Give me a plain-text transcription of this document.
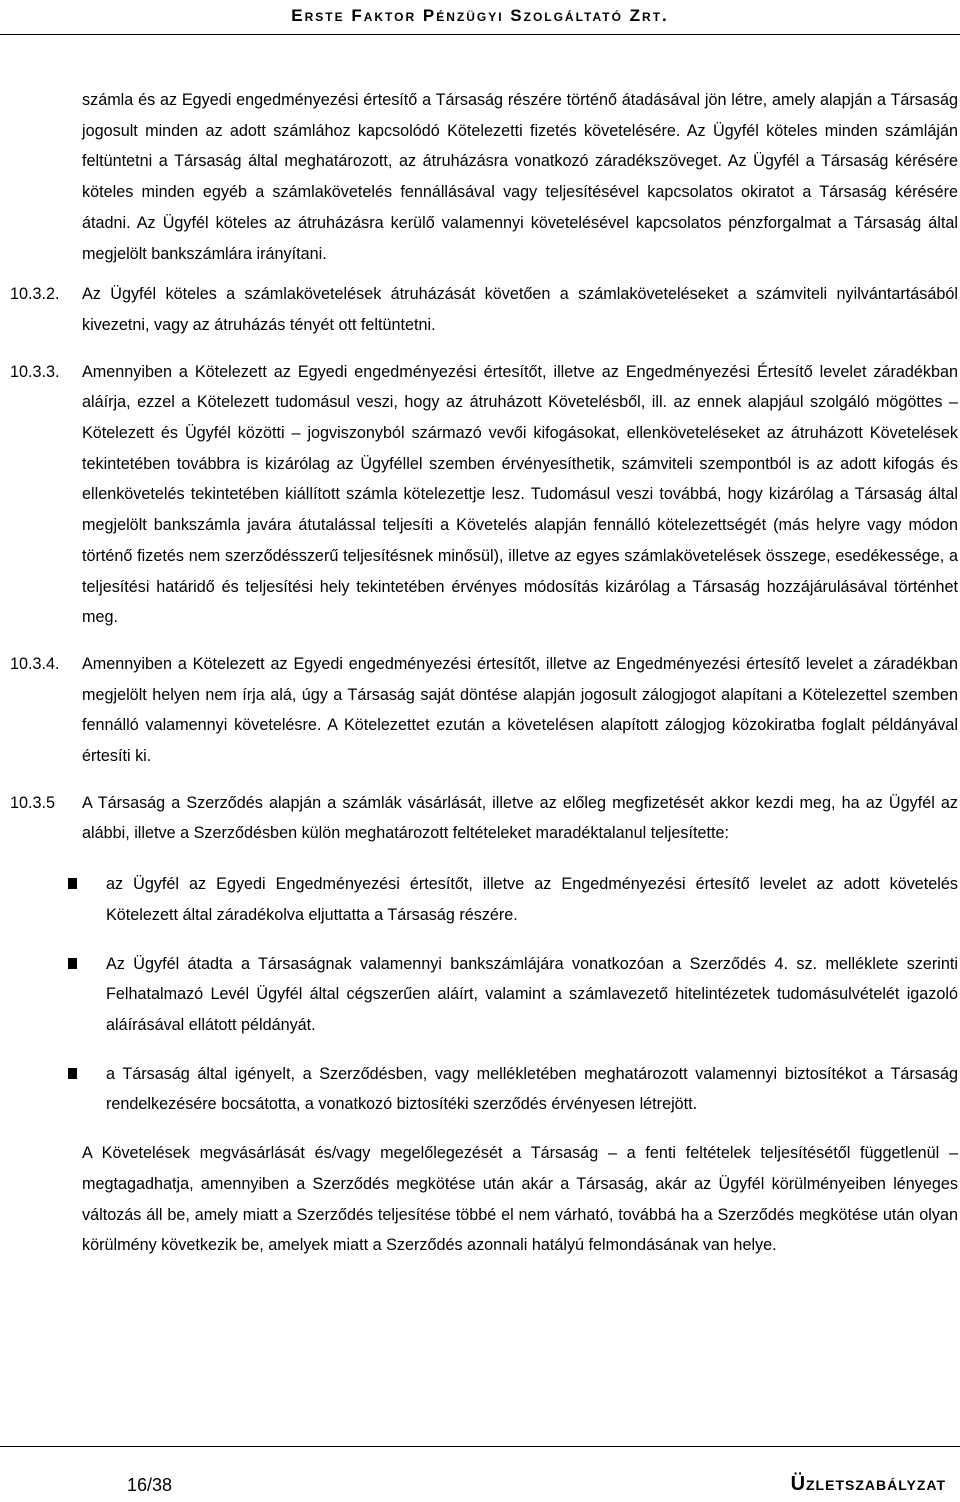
Erste Faktor Pénzügyi Szolgáltató Zrt.

számla és az Egyedi engedményezési értesítő a Társaság részére történő átadásával jön létre, amely alapján a Társaság jogosult minden az adott számlához kapcsolódó Kötelezetti fizetés követelésére. Az Ügyfél köteles minden számláján feltüntetni a Társaság által meghatározott, az átruházásra vonatkozó záradékszöveget. Az Ügyfél a Társaság kérésére köteles minden egyéb a számlakövetelés fennállásával vagy teljesítésével kapcsolatos okiratot a Társaság kérésére átadni. Az Ügyfél köteles az átruházásra kerülő valamennyi követelésével kapcsolatos pénzforgalmat a Társaság által megjelölt bankszámlára irányítani.

10.3.2.	Az Ügyfél köteles a számlakövetelések átruházását követően a számlaköveteléseket a számviteli nyilvántartásából kivezetni, vagy az átruházás tényét ott feltüntetni.

10.3.3.	Amennyiben a Kötelezett az Egyedi engedményezési értesítőt, illetve az Engedményezési Értesítő levelet záradékban aláírja, ezzel a Kötelezett tudomásul veszi, hogy az átruházott Követelésből, ill. az ennek alapjául szolgáló mögöttes – Kötelezett és Ügyfél közötti – jogviszonyból származó vevői kifogásokat, ellenköveteléseket az átruházott Követelések tekintetében továbbra is kizárólag az Ügyféllel szemben érvényesíthetik, számviteli szempontból is az adott kifogás és ellenkövetelés tekintetében kiállított számla kötelezettje lesz. Tudomásul veszi továbbá, hogy kizárólag a Társaság által megjelölt bankszámla javára átutalással teljesíti a Követelés alapján fennálló kötelezettségét (más helyre vagy módon történő fizetés nem szerződésszerű teljesítésnek minősül), illetve az egyes számlakövetelések összege, esedékessége, a teljesítési határidő és teljesítési hely tekintetében érvényes módosítás kizárólag a Társaság hozzájárulásával történhet meg.

10.3.4.	Amennyiben a Kötelezett az Egyedi engedményezési értesítőt, illetve az Engedményezési értesítő levelet a záradékban megjelölt helyen nem írja alá, úgy a Társaság saját döntése alapján jogosult zálogjogot alapítani a Kötelezettel szemben fennálló valamennyi követelésre. A Kötelezettet ezután a követelésen alapított zálogjog közokiratba foglalt példányával értesíti ki.

10.3.5	A Társaság a Szerződés alapján a számlák vásárlását, illetve az előleg megfizetését akkor kezdi meg, ha az Ügyfél az alábbi, illetve a Szerződésben külön meghatározott feltételeket maradéktalanul teljesítette:

az Ügyfél az Egyedi Engedményezési értesítőt, illetve az Engedményezési értesítő levelet az adott követelés Kötelezett által záradékolva eljuttatta a Társaság részére.
Az Ügyfél átadta a Társaságnak valamennyi bankszámlájára vonatkozóan a Szerződés 4. sz. melléklete szerinti Felhatalmazó Levél Ügyfél által cégszerűen aláírt, valamint a számlavezető hitelintézetek tudomásulvételét igazoló aláírásával ellátott példányát.
a Társaság által igényelt, a Szerződésben, vagy mellékletében meghatározott valamennyi biztosítékot a Társaság rendelkezésére bocsátotta, a vonatkozó biztosítéki szerződés érvényesen létrejött.

A Követelések megvásárlását és/vagy megelőlegezését a Társaság – a fenti feltételek teljesítésétől függetlenül – megtagadhatja, amennyiben a Szerződés megkötése után akár a Társaság, akár az Ügyfél körülményeiben lényeges változás áll be, amely miatt a Szerződés teljesítése többé el nem várható, továbbá ha a Szerződés megkötése után olyan körülmény következik be, amelyek miatt a Szerződés azonnali hatályú felmondásának van helye.

16/38	Üzletszabályzat
